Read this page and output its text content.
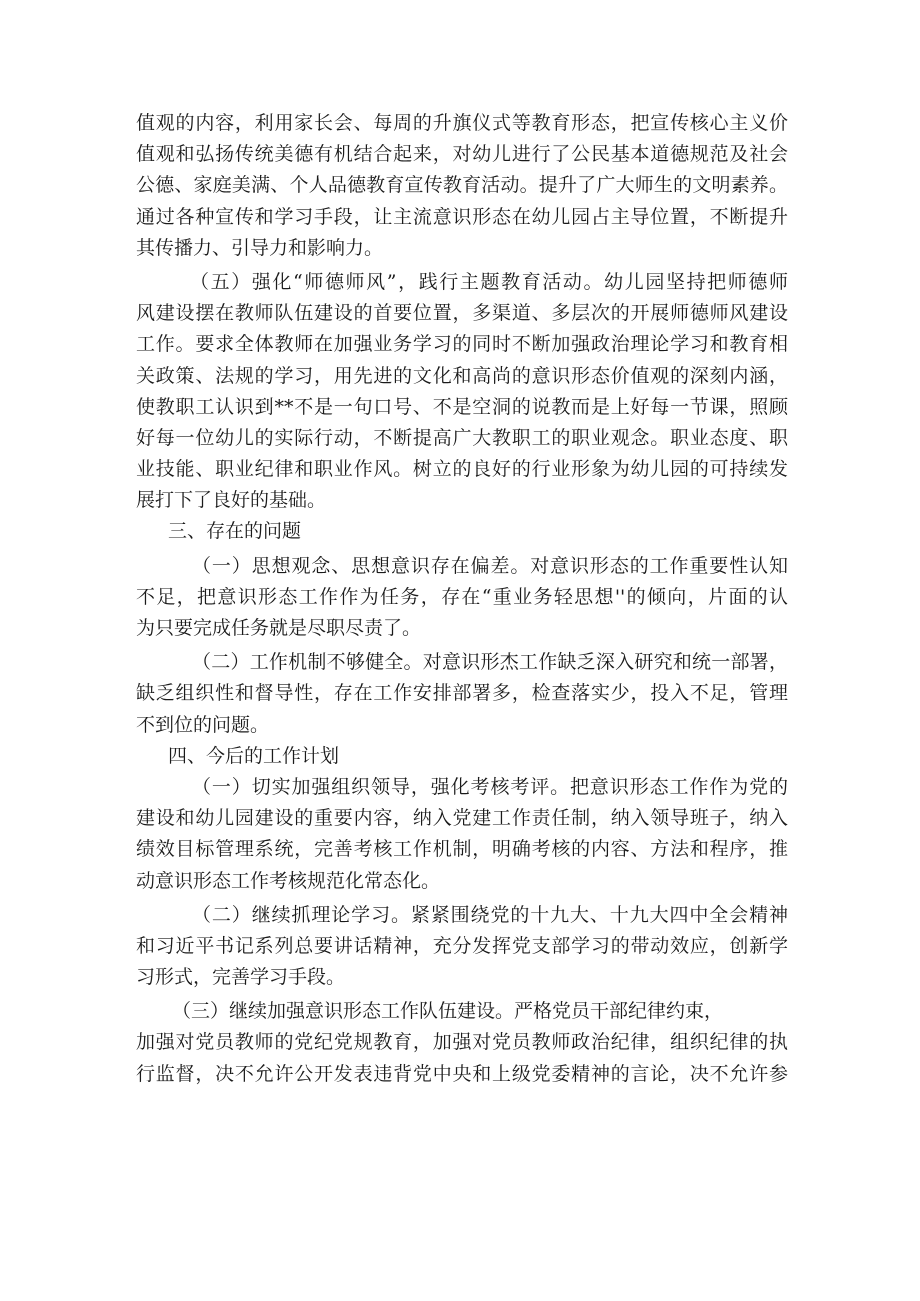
值观的内容，利用家长会、每周的升旗仪式等教育形态，把宣传核心主义价
值观和弘扬传统美德有机结合起来，对幼儿进行了公民基本道德规范及社会
公德、家庭美满、个人品德教育宣传教育活动。提升了广大师生的文明素养。
通过各种宣传和学习手段，让主流意识形态在幼儿园占主导位置，不断提升
其传播力、引导力和影响力。
（五）强化“师德师风”，践行主题教育活动。幼儿园坚持把师德师
风建设摆在教师队伍建设的首要位置，多渠道、多层次的开展师德师风建设
工作。要求全体教师在加强业务学习的同时不断加强政治理论学习和教育相
关政策、法规的学习，用先进的文化和高尚的意识形态价值观的深刻内涵，
使教职工认识到**不是一句口号、不是空洞的说教而是上好每一节课，照顾
好每一位幼儿的实际行动，不断提高广大教职工的职业观念。职业态度、职
业技能、职业纪律和职业作风。树立的良好的行业形象为幼儿园的可持续发
展打下了良好的基础。
三、存在的问题
（一）思想观念、思想意识存在偏差。对意识形态的工作重要性认知
不足，把意识形态工作作为任务，存在“重业务轻思想''的倾向，片面的认
为只要完成任务就是尽职尽责了。
（二）工作机制不够健全。对意识形杰工作缺乏深入研究和统一部署，
缺乏组织性和督导性，存在工作安排部署多，检查落实少，投入不足，管理
不到位的问题。
四、今后的工作计划
（一）切实加强组织领导，强化考核考评。把意识形态工作作为党的
建设和幼儿园建设的重要内容，纳入党建工作责任制，纳入领导班子，纳入
绩效目标管理系统，完善考核工作机制，明确考核的内容、方法和程序，推
动意识形态工作考核规范化常态化。
（二）继续抓理论学习。紧紧围绕党的十九大、十九大四中全会精神
和习近平书记系列总要讲话精神，充分发挥党支部学习的带动效应，创新学
习形式，完善学习手段。
（三）继续加强意识形态工作队伍建设。严格党员干部纪律约束，
加强对党员教师的党纪党规教育，加强对党员教师政治纪律，组织纪律的执
行监督，决不允许公开发表违背党中央和上级党委精神的言论，决不允许参
